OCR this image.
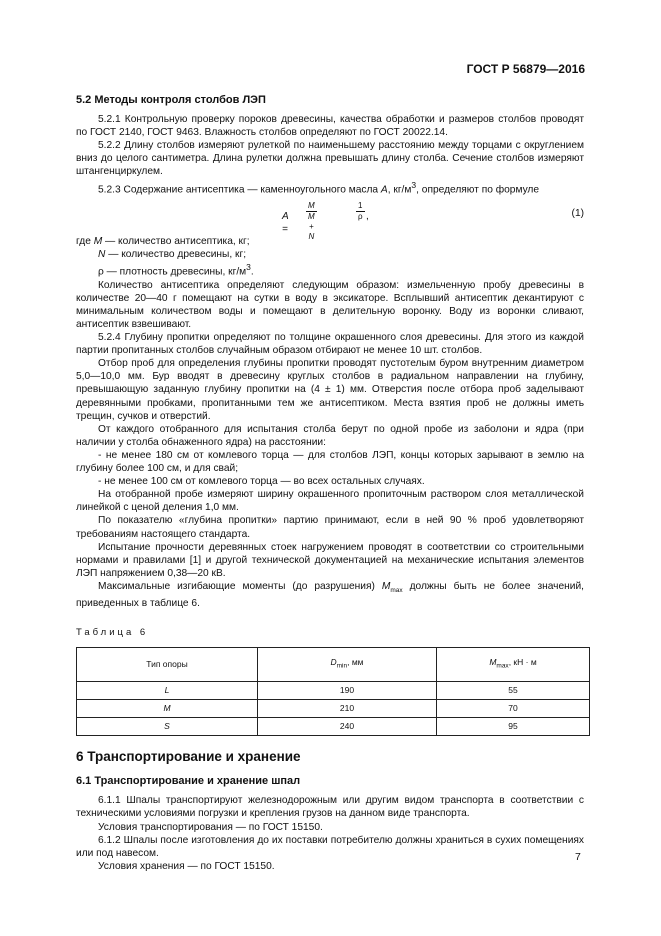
ГОСТ Р 56879—2016
5.2 Методы контроля столбов ЛЭП

5.2.1 Контрольную проверку пороков древесины, качества обработки и размеров столбов проводят по ГОСТ 2140, ГОСТ 9463. Влажность столбов определяют по ГОСТ 20022.14.

5.2.2 Длину столбов измеряют рулеткой по наименьшему расстоянию между торцами с округлением вниз до целого сантиметра. Длина рулетки должна превышать длину столба. Сечение столбов измеряют штангенциркулем.

5.2.3 Содержание антисептика — каменноугольного масла A, $кг/м^3$, определяют по формуле

$A = \frac{M}{M + N}$	$\frac{1}{\rho}$ ,	(1)

где M — количество антисептика, кг;

N — количество древесины, кг;

ρ — плотность древесины, $кг/м^3$.

Количество антисептика определяют следующим образом: измельченную пробу древесины в количестве 20—40 г помещают на сутки в воду в эксикаторе. Всплывший антисептик декантируют с минимальным количеством воды и помещают в делительную воронку. Воду из воронки сливают, антисептик взвешивают.

5.2.4 Глубину пропитки определяют по толщине окрашенного слоя древесины. Для этого из каждой партии пропитанных столбов случайным образом отбирают не менее 10 шт. столбов.

Отбор проб для определения глубины пропитки проводят пустотелым буром внутренним диаметром 5,0—10,0 мм. Бур вводят в древесину круглых столбов в радиальном направлении на глубину, превышающую заданную глубину пропитки на (4 ± 1) мм. Отверстия после отбора проб заделывают деревянными пробками, пропитанными тем же антисептиком. Места взятия проб не должны иметь трещин, сучков и отверстий.

От каждого отобранного для испытания столба берут по одной пробе из заболони и ядра (при наличии у столба обнаженного ядра) на расстоянии:

- не менее 180 см от комлевого торца — для столбов ЛЭП, концы которых зарывают в землю на глубину более 100 см, и для свай;

- не менее 100 см от комлевого торца — во всех остальных случаях.

На отобранной пробе измеряют ширину окрашенного пропиточным раствором слоя металлической линейкой с ценой деления 1,0 мм.

По показателю «глубина пропитки» партию принимают, если в ней 90 % проб удовлетворяют требованиям настоящего стандарта.

Испытание прочности деревянных стоек нагружением проводят в соответствии со строительными нормами и правилами [1] и другой технической документацией на механические испытания элементов ЛЭП напряжением 0,38—20 кВ.

Максимальные изгибающие моменты (до разрушения) $M_{max}$ должны быть не более значений, приведенных в таблице 6.

Таблица 6
Тип опоры	$D_{min}$, мм	$M_{max}$, кН · м
L	190	55
M	210	70
S	240	95
6 Транспортирование и хранение
6.1 Транспортирование и хранение шпал

6.1.1 Шпалы транспортируют железнодорожным или другим видом транспорта в соответствии с техническими условиями погрузки и крепления грузов на данном виде транспорта.

Условия транспортирования — по ГОСТ 15150.

6.1.2 Шпалы после изготовления до их поставки потребителю должны храниться в сухих помещениях или под навесом.

Условия хранения — по ГОСТ 15150.

7
